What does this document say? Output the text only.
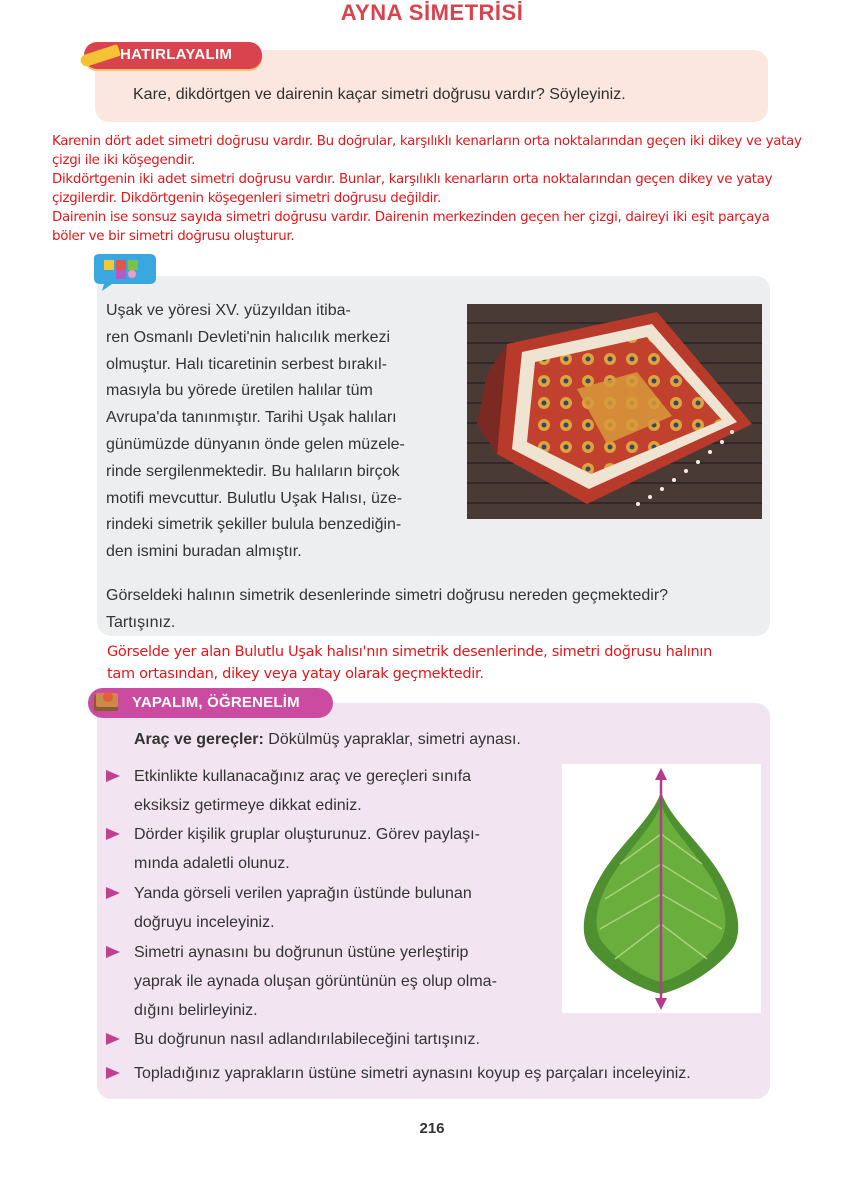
AYNA SİMETRİSİ
HATIRLAYALIM
Kare, dikdörtgen ve dairenin kaçar simetri doğrusu vardır? Söyleyiniz.

Karenin dört adet simetri doğrusu vardır. Bu doğrular, karşılıklı kenarların orta noktalarından geçen iki dikey ve yatay

çizgi ile iki köşegendir.

Dikdörtgenin iki adet simetri doğrusu vardır. Bunlar, karşılıklı kenarların orta noktalarından geçen dikey ve yatay

çizgilerdir. Dikdörtgenin köşegenleri simetri doğrusu değildir.

Dairenin ise sonsuz sayıda simetri doğrusu vardır. Dairenin merkezinden geçen her çizgi, daireyi iki eşit parçaya

böler ve bir simetri doğrusu oluşturur.

Uşak ve yöresi XV. yüzyıldan itiba-
ren Osmanlı Devleti'nin halıcılık merkezi
olmuştur. Halı ticaretinin serbest bırakıl-
masıyla bu yörede üretilen halılar tüm
Avrupa'da tanınmıştır. Tarihi Uşak halıları
günümüzde dünyanın önde gelen müzele-
rinde sergilenmektedir. Bu halıların birçok
motifi mevcuttur. Bulutlu Uşak Halısı, üze-
rindeki simetrik şekiller bulula benzediğin-
den ismini buradan almıştır.
Görseldeki halının simetrik desenlerinde simetri doğrusu nereden geçmektedir?
Tartışınız.
Görselde yer alan Bulutlu Uşak halısı'nın simetrik desenlerinde, simetri doğrusu halının
tam ortasından, dikey veya yatay olarak geçmektedir.
YAPALIM, ÖĞRENELİM
Araç ve gereçler: Dökülmüş yapraklar, simetri aynası.
Etkinlikte kullanacağınız araç ve gereçleri sınıfa
eksiksiz getirmeye dikkat ediniz.
Dörder kişilik gruplar oluşturunuz. Görev paylaşı-
mında adaletli olunuz.
Yanda görseli verilen yaprağın üstünde bulunan
doğruyu inceleyiniz.
Simetri aynasını bu doğrunun üstüne yerleştirip
yaprak ile aynada oluşan görüntünün eş olup olma-
dığını belirleyiniz.
Bu doğrunun nasıl adlandırılabileceğini tartışınız.
Topladığınız yaprakların üstüne simetri aynasını koyup eş parçaları inceleyiniz.
216
